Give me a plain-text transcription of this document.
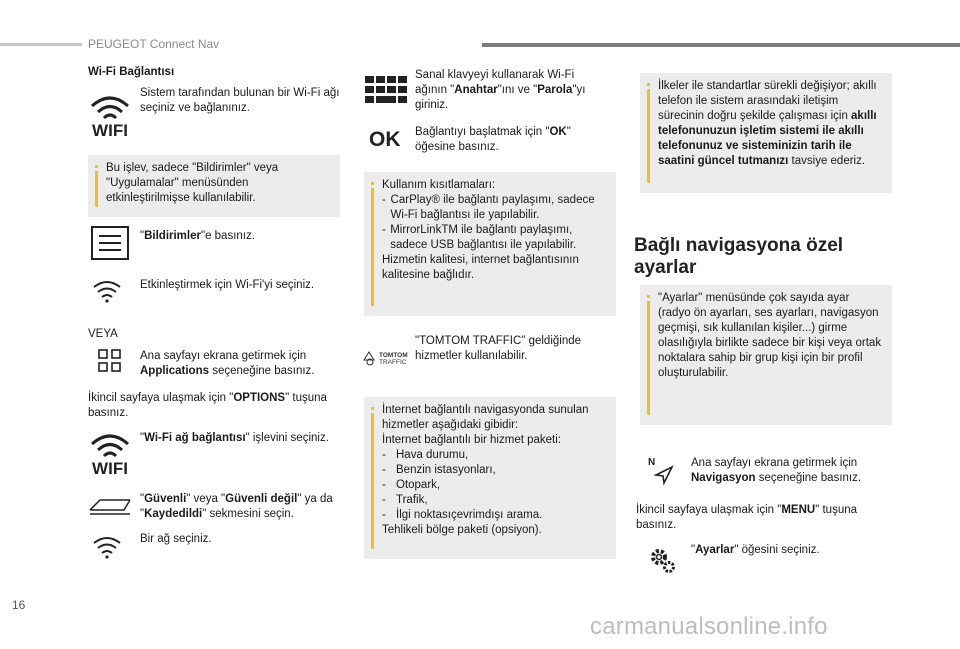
PEUGEOT Connect Nav
Wi-Fi Bağlantısı
WIFI
Sistem tarafından bulunan bir Wi-Fi ağı seçiniz ve bağlanınız.
Bu işlev, sadece "Bildirimler" veya "Uygulamalar" menüsünden etkinleştirilmişse kullanılabilir.
"Bildirimler"e basınız.
Etkinleştirmek için Wi-Fi'yi seçiniz.
VEYA
Ana sayfayı ekrana getirmek için Applications seçeneğine basınız.
İkincil sayfaya ulaşmak için "OPTIONS" tuşuna basınız.
WIFI
"Wi-Fi ağ bağlantısı" işlevini seçiniz.
"Güvenli" veya "Güvenli değil" ya da "Kaydedildi" sekmesini seçin.
Bir ağ seçiniz.
Sanal klavyeyi kullanarak Wi-Fi ağının "Anahtar"ını ve "Parola"yı giriniz.
OK Bağlantıyı başlatmak için "OK" öğesine basınız.
Kullanım kısıtlamaları:
- CarPlay® ile bağlantı paylaşımı, sadece Wi-Fi bağlantısı ile yapılabilir.
- MirrorLinkTM ile bağlantı paylaşımı, sadece USB bağlantısı ile yapılabilir.
Hizmetin kalitesi, internet bağlantısının kalitesine bağlıdır.
TOMTOM
TRAFFIC
"TOMTOM TRAFFIC" geldiğinde hizmetler kullanılabilir.
İnternet bağlantılı navigasyonda sunulan hizmetler aşağıdaki gibidir:
İnternet bağlantılı bir hizmet paketi:
- Hava durumu,
- Benzin istasyonları,
- Otopark,
- Trafik,
- İlgi noktasıçevrimdışı arama.
Tehlikeli bölge paketi (opsiyon).
İlkeler ile standartlar sürekli değişiyor; akıllı telefon ile sistem arasındaki iletişim sürecinin doğru şekilde çalışması için akıllı telefonunuzun işletim sistemi ile akıllı telefonunuz ve sisteminizin tarih ile saatini güncel tutmanızı tavsiye ederiz.
Bağlı navigasyona özel ayarlar
"Ayarlar" menüsünde çok sayıda ayar (radyo ön ayarları, ses ayarları, navigasyon geçmişi, sık kullanılan kişiler...) girme olasılığıyla birlikte sadece bir kişi veya ortak noktalara sahip bir grup kişi için bir profil oluşturulabilir.
N	Ana sayfayı ekrana getirmek için Navigasyon seçeneğine basınız.
İkincil sayfaya ulaşmak için "MENU" tuşuna basınız.
"Ayarlar" öğesini seçiniz.
16
carmanualsonline.info
